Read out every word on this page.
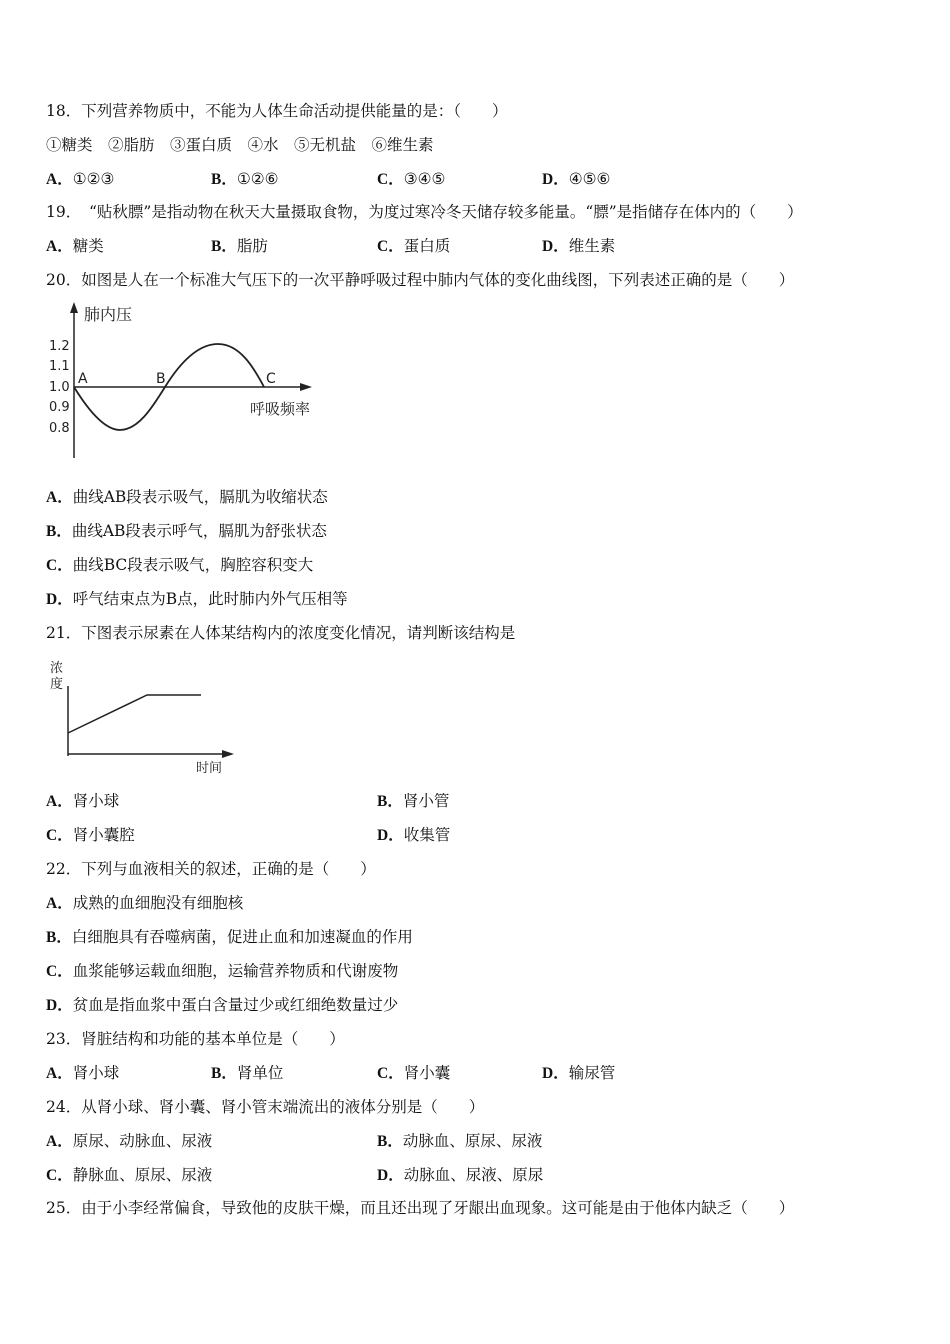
18．下列营养物质中，不能为人体生命活动提供能量的是：（　　）
①糖类　②脂肪　③蛋白质　④水　⑤无机盐　⑥维生素
A．①②③	B．①②⑥	C．③④⑤	D．④⑤⑥
19．　“贴秋膘”是指动物在秋天大量摄取食物，为度过寒冷冬天储存较多能量。“膘”是指储存在体内的（　　）
A．糖类	B．脂肪	C．蛋白质	D．维生素
20．如图是人在一个标准大气压下的一次平静呼吸过程中肺内气体的变化曲线图，下列表述正确的是（　　）
肺内压
1.2
1.1
1.0
0.9
0.8
A	B	C
呼吸频率
A．曲线AB段表示吸气，膈肌为收缩状态
B．曲线AB段表示呼气，膈肌为舒张状态
C．曲线BC段表示吸气，胸腔容积变大
D．呼气结束点为B点，此时肺内外气压相等
21．下图表示尿素在人体某结构内的浓度变化情况，请判断该结构是
浓 度
时间
A．肾小球	B．肾小管
C．肾小囊腔	D．收集管
22．下列与血液相关的叙述，正确的是（　　）
A．成熟的血细胞没有细胞核
B．白细胞具有吞噬病菌，促进止血和加速凝血的作用
C．血浆能够运载血细胞，运输营养物质和代谢废物
D．贫血是指血浆中蛋白含量过少或红细绝数量过少
23．肾脏结构和功能的基本单位是（　　）
A．肾小球	B．肾单位	C．肾小囊	D．输尿管
24．从肾小球、肾小囊、肾小管末端流出的液体分别是（　　）
A．原尿、动脉血、尿液	B．动脉血、原尿、尿液
C．静脉血、原尿、尿液	D．动脉血、尿液、原尿
25．由于小李经常偏食，导致他的皮肤干燥，而且还出现了牙龈出血现象。这可能是由于他体内缺乏（　　）
